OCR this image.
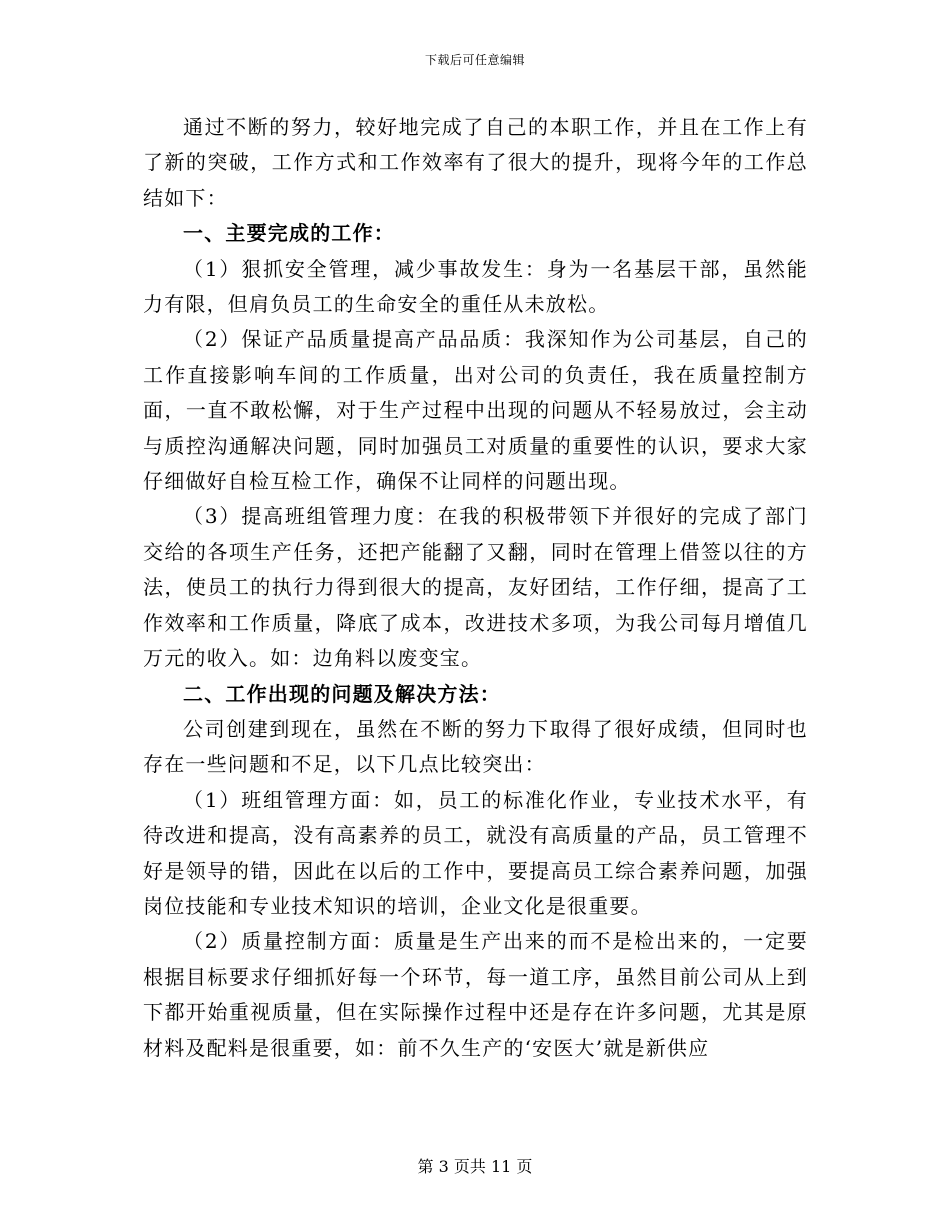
下载后可任意编辑

通过不断的努力，较好地完成了自己的本职工作，并且在工作上有了新的突破，工作方式和工作效率有了很大的提升，现将今年的工作总结如下：

一、主要完成的工作：

（1）狠抓安全管理，减少事故发生：身为一名基层干部，虽然能力有限，但肩负员工的生命安全的重任从未放松。

（2）保证产品质量提高产品品质：我深知作为公司基层，自己的工作直接影响车间的工作质量，出对公司的负责任，我在质量控制方面，一直不敢松懈，对于生产过程中出现的问题从不轻易放过，会主动与质控沟通解决问题，同时加强员工对质量的重要性的认识，要求大家仔细做好自检互检工作，确保不让同样的问题出现。

（3）提高班组管理力度：在我的积极带领下并很好的完成了部门交给的各项生产任务，还把产能翻了又翻，同时在管理上借签以往的方法，使员工的执行力得到很大的提高，友好团结，工作仔细，提高了工作效率和工作质量，降底了成本，改进技术多项，为我公司每月增值几万元的收入。如：边角料以废变宝。

二、工作出现的问题及解决方法：

公司创建到现在，虽然在不断的努力下取得了很好成绩，但同时也存在一些问题和不足，以下几点比较突出：

（1）班组管理方面：如，员工的标准化作业，专业技术水平，有待改进和提高，没有高素养的员工，就没有高质量的产品，员工管理不好是领导的错，因此在以后的工作中，要提高员工综合素养问题，加强岗位技能和专业技术知识的培训，企业文化是很重要。

（2）质量控制方面：质量是生产出来的而不是检出来的，一定要根据目标要求仔细抓好每一个环节，每一道工序，虽然目前公司从上到下都开始重视质量，但在实际操作过程中还是存在许多问题，尤其是原材料及配料是很重要，如：前不久生产的‘安医大’就是新供应

第 3 页共 11 页
